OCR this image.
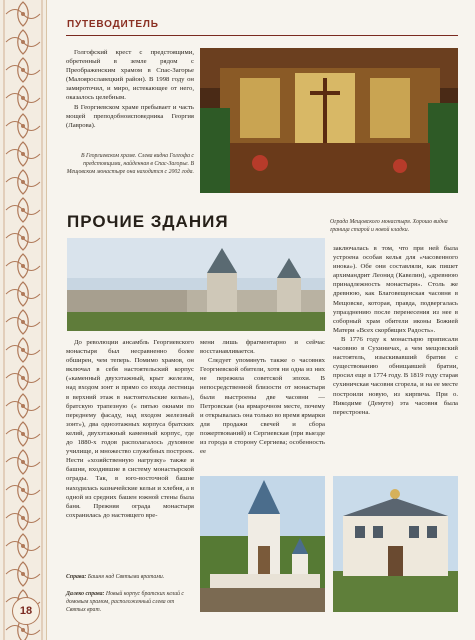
ПУТЕВОДИТЕЛЬ

Голгофский крест с предстоящими, обретенный в земле рядом с Преображенским храмом в Спас-Загорье (Малоярославецкий район). В 1998 году он замироточил, и миро, истекающее от него, оказалось целебным.

В Георгиевском храме пребывает и часть мощей преподобноисповедника Георгия (Лаврова).

В Георгиевском храме. Слева видна Голгофа с предстоящими, найденная в Спас-Загорье. В Мещовском монастыре она находится с 2002 года.
ПРОЧИЕ ЗДАНИЯ	Ограда Мещовского монастыря. Хорошо видна граница старой и новой кладки.

До революции ансамбль Георгиевского монастыря был несравненно более обширен, чем теперь. Помимо храмов, он включал в себя настоятельский корпус («каменный двухэтажный, крыт железом, над входом зонт и прямо со входа лестница в верхний этаж в настоятельские кельи»), братскую трапезную (« пятью окнами по переднему фасаду, над входом железный зонт»), два одноэтажных корпуса братских келий, двухэтажный каменный корпус, где до 1880-х годов располагалось духовное училище, и множество служебных построек. Нести «хозяйственную нагрузку» также и башни, входившие в систему монастырской ограды. Так, в юго-восточной башне находилась казначейские кельи и хлебня, а в одной из средних башен южной стены была баня. Прежняя ограда монастыря сохранилась до настоящего вре-

мени лишь фрагментарно и сейчас восстанавливается.

Следует упомянуть также о часовнях Георгиевской обители, хотя ни одна из них не пережила советской эпохи. В непосредственной близости от монастыря были выстроены две часовни — Петровская (на ярмарочном месте, почему и открывалась она только во время ярмарки для продажи свечей и сбора пожертвований) и Сергиевская (при выезде из города в сторону Сергиева; особенность ее

заключалась в том, что при ней была устроена особая келья для «часовенного инока»). Обе они составляли, как пишет архимандрит Леонид (Кавелин), «древнюю принадлежность монастыря». Столь же древнюю, как Благовещенская часовня в Мещовске, которая, правда, подвергалась упразднению после перенесения из нее в соборный храм обители иконы Божией Матери «Всех скорбящих Радость».

В 1776 году к монастырю приписали часовню в Сухиничах, а чем мещовский настоятель, изыскивавший братии с существованию обнищавшей братии, просил еще в 1774 году. В 1819 году старая сухиничская часовня сгорела, и на ее месте построили новую, из кирпича. При о. Никодиме (Демуте) эта часовня была перестроена.

Справа: Башня над Святыми вратами.
Далеко справа: Новый корпус братских келий с домовым храмом, расположенный слева от Святых врат.
18
